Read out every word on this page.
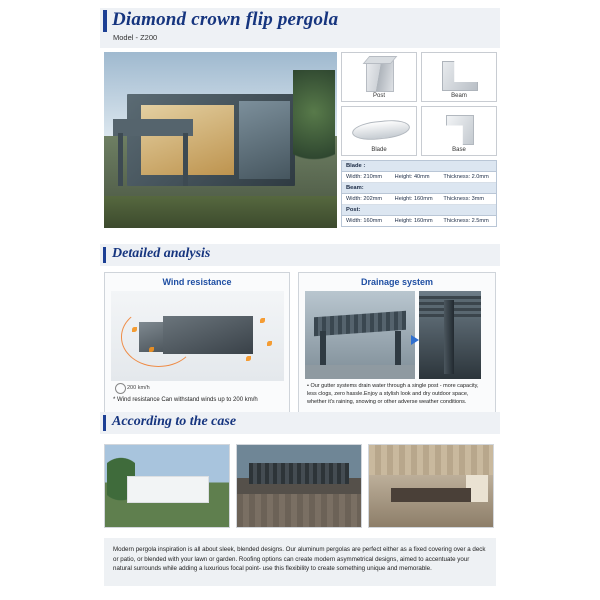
Diamond crown flip pergola
Model - Z200
Post	Beam
Blade	Base
Blade :
Width: 210mm	Height: 40mm	Thickness: 2.0mm
Beam:
Width: 202mm	Height: 160mm	Thickness: 3mm
Post:
Width: 160mm	Height: 160mm	Thickness: 2.5mm
Detailed analysis
Wind resistance
200 km/h
* Wind resistance Can withstand winds up to 200 km/h
Drainage system
• Our gutter systems drain water through a single post - more capacity, less clogs, zero hassle.Enjoy a stylish look and dry outdoor space, whether it's raining, snowing or other adverse weather conditions.
According to the case
Modern pergola inspiration is all about sleek, blended designs. Our aluminum pergolas are perfect either as a fixed covering over a deck or patio, or blended with your lawn or garden. Roofing options can create modern asymmetrical designs, aimed to accentuate your natural surrounds while adding a luxurious focal point- use this flexibility to create something unique and memorable.
